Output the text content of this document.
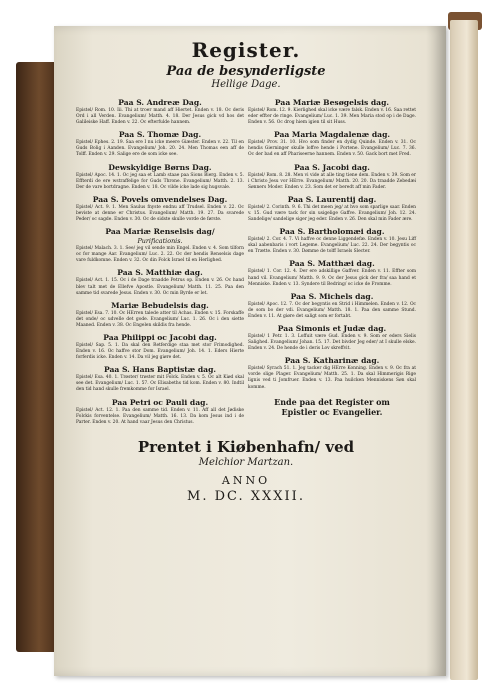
Register.
Paa de besynderligste
Hellige Dage.
Paa S. Andreæ Dag.
Epistel/ Rom. 10. Iii. Thi at troer mand aff Hiertet. Enden v. 18. Oc deris Ord i all Verden. Evangelium/ Matth. 4. 18. Der Jesus gick vd hos det Galileiske Haff. Enden v. 22. Oc efterfulde hannem.
Paa S. Thomæ Dag.
Epistel/ Ephes. 2. 19. Saa ere I nu icke meere Giæster. Enden v. 22. Til en Guds Bolig i Aanden. Evangelium/ Joh. 20. 24. Men Thomas een aff de Tolff. Enden v. 29. Salige ere de som icke see.
Dewskyldige Børns Dag.
Epistel/ Apoc. 14. 1. Oc jeg saa et Lamb staae paa Sions Bierg. Enden v. 5. Effterdi de ere wstraffelige for Guds Throne. Evangelium/ Matth. 2. 13. Der de vare bortdragne. Enden v. 18. Oc vilde icke lade sig hugsvale.
Paa S. Povels omvendelses Dag.
Epistel/ Act. 9. 1. Men Saulus fnyste endnu aff Trudsel. Enden v. 22. Oc beviste at denne er Christus. Evangelium/ Matth. 19. 27. Da svarede Peder/ oc sagde. Enden v. 30. Oc de sidste skulle vorde de første.
Paa Mariæ Renselsis dag/
Purificationis.
Epistel/ Malach. 3. 1. See/ jeg vil sende min Engel. Enden v. 4. Som tilforn oc for mange Aar. Evangelium/ Luc. 2. 22. Oc der hendis Renselsis dage vare fuldkomne. Enden v. 32. Oc din Folck Israel til en Herlighed.
Paa S. Matthiæ dag.
Epistel/ Act. 1. 15. Oc i de Dage traadde Petrus op. Enden v. 26. Oc hand blev talt met de Ellefve Apostle. Evangelium/ Matth. 11. 25. Paa den samme tid svarede Jesus. Enden v. 30. Oc min Byrde er let.
Mariæ Bebudelsis dag.
Epistel/ Esa. 7. 10. Oc HErren talede atter til Achas. Enden v. 15. Forskaffe det onde/ oc udvelle det gode. Evangelium/ Luc. 1. 26. Oc i den siette Maaned. Enden v. 38. Oc Engelen skildis fra hende.
Paa Philippi oc Jacobi dag.
Epistel/ Sap. 5. 1. Da skal den Retferdige staa met stor Frimodighed. Enden v. 16. Oc haffve stor Dom. Evangelium/ Joh. 14. 1. Eders Hierte forferdis icke. Enden v. 14. Da vil jeg giøre det.
Paa S. Hans Baptistæ dag.
Epistel/ Esa. 40. 1. Trøster/ trøster mit Folck. Enden v. 5. Oc alt Kiød skal see det. Evangelium/ Luc. 1. 57. Oc Elisabeths tid kom. Enden v. 80. Indtil den tid hand skulle fremkomme for Israel.
Paa Petri oc Pauli dag.
Epistel/ Act. 12. 1. Paa den samme tid. Enden v. 11. Aff all det Jødiske Folckis forventelse. Evangelium/ Matth. 16. 13. Da kom Jesus ind i de Parter. Enden v. 20. At hand vaar Jesus den Christus.
Paa Mariæ Besøgelsis dag.
Epistel/ Rom. 12. 9. Kierlighed skal icke være falsk. Enden v. 16. Saa rettet eder effter de ringe. Evangelium/ Luc. 1. 39. Men Maria stod op i de Dage. Enden v. 56. Oc drog hiem igien til sit Huss.
Paa Maria Magdalenæ dag.
Epistel/ Prov. 31. 10. Hvo som finder en dydig Quinde. Enden v. 31. Oc hendis Gierninger skulle loffve hende i Portene. Evangelium/ Luc. 7. 36. Oc der bad en aff Phariseerne hannem. Enden v. 50. Gack bort met Fred.
Paa S. Jacobi dag.
Epistel/ Rom. 8. 28. Men vi vide at alle ting tiene dem. Enden v. 39. Som er i Christo Jesu vor HErre. Evangelium/ Matth. 20. 20. Da traadde Zebedæi Sønners Moder. Enden v. 23. Som det er beredt aff min Fader.
Paa S. Laurentij dag.
Epistel/ 2. Corinth. 9. 6. Thi det meen jeg/ at hvo som sparlige saar. Enden v. 15. Gud være tack for sin usigelige Gaffve. Evangelium/ Joh. 12. 24. Sandelige/ sandelige siger jeg eder. Enden v. 26. Den skal min Fader ære.
Paa S. Bartholomæi dag.
Epistel/ 2. Cor. 4. 7. Vi haffve oc denne Liggendefæ. Enden v. 10. Jesu Liff skal aabenbaris i vort Legeme. Evangelium/ Luc. 22. 24. Der begyntis oc en Trætte. Enden v. 30. Dømme de tolff Israels Slecter.
Paa S. Matthæi dag.
Epistel/ 1. Cor. 12. 4. Der ere adskillige Gaffver. Enden v. 11. Effter som hand vil. Evangelium/ Matth. 9. 9. Oc der Jesus gick der fra/ saa hand et Menniske. Enden v. 13. Syndere til Bedring/ oc icke de Fromme.
Paa S. Michels dag.
Epistel/ Apoc. 12. 7. Oc der begyntis en Strid i Himmelen. Enden v. 12. Oc de som bo der vdi. Evangelium/ Matth. 18. 1. Paa den samme Stund. Enden v. 11. At giøre det saligt som er fortabt.
Paa Simonis et Judæ dag.
Epistel/ 1 Petr. 1. 3. Loffuit være Gud. Enden v. 9. Som er eders Sielis Salighed. Evangelium/ Johan. 15. 17. Det bivder Jeg eder/ at I skulle elske. Enden v. 24. De hende de i deris Lov skreffvit.
Paa S. Katharinæ dag.
Epistel/ Syrach 51. 1. Jeg tacker dig HErre Konning. Enden v. 9. Oc fra at vorde slige Plager. Evangelium/ Matth. 25. 1. Da skal Himmerigis Rige lignis ved ti Jomfruer. Enden v. 13. Paa huilcken Menniskens Søn skal komme.
Ende paa det Register om
Epistler oc Evangelier.
Prentet i Kiøbenhafn/ ved
Melchior Martzan.
ANNO
M. DC. XXXII.
